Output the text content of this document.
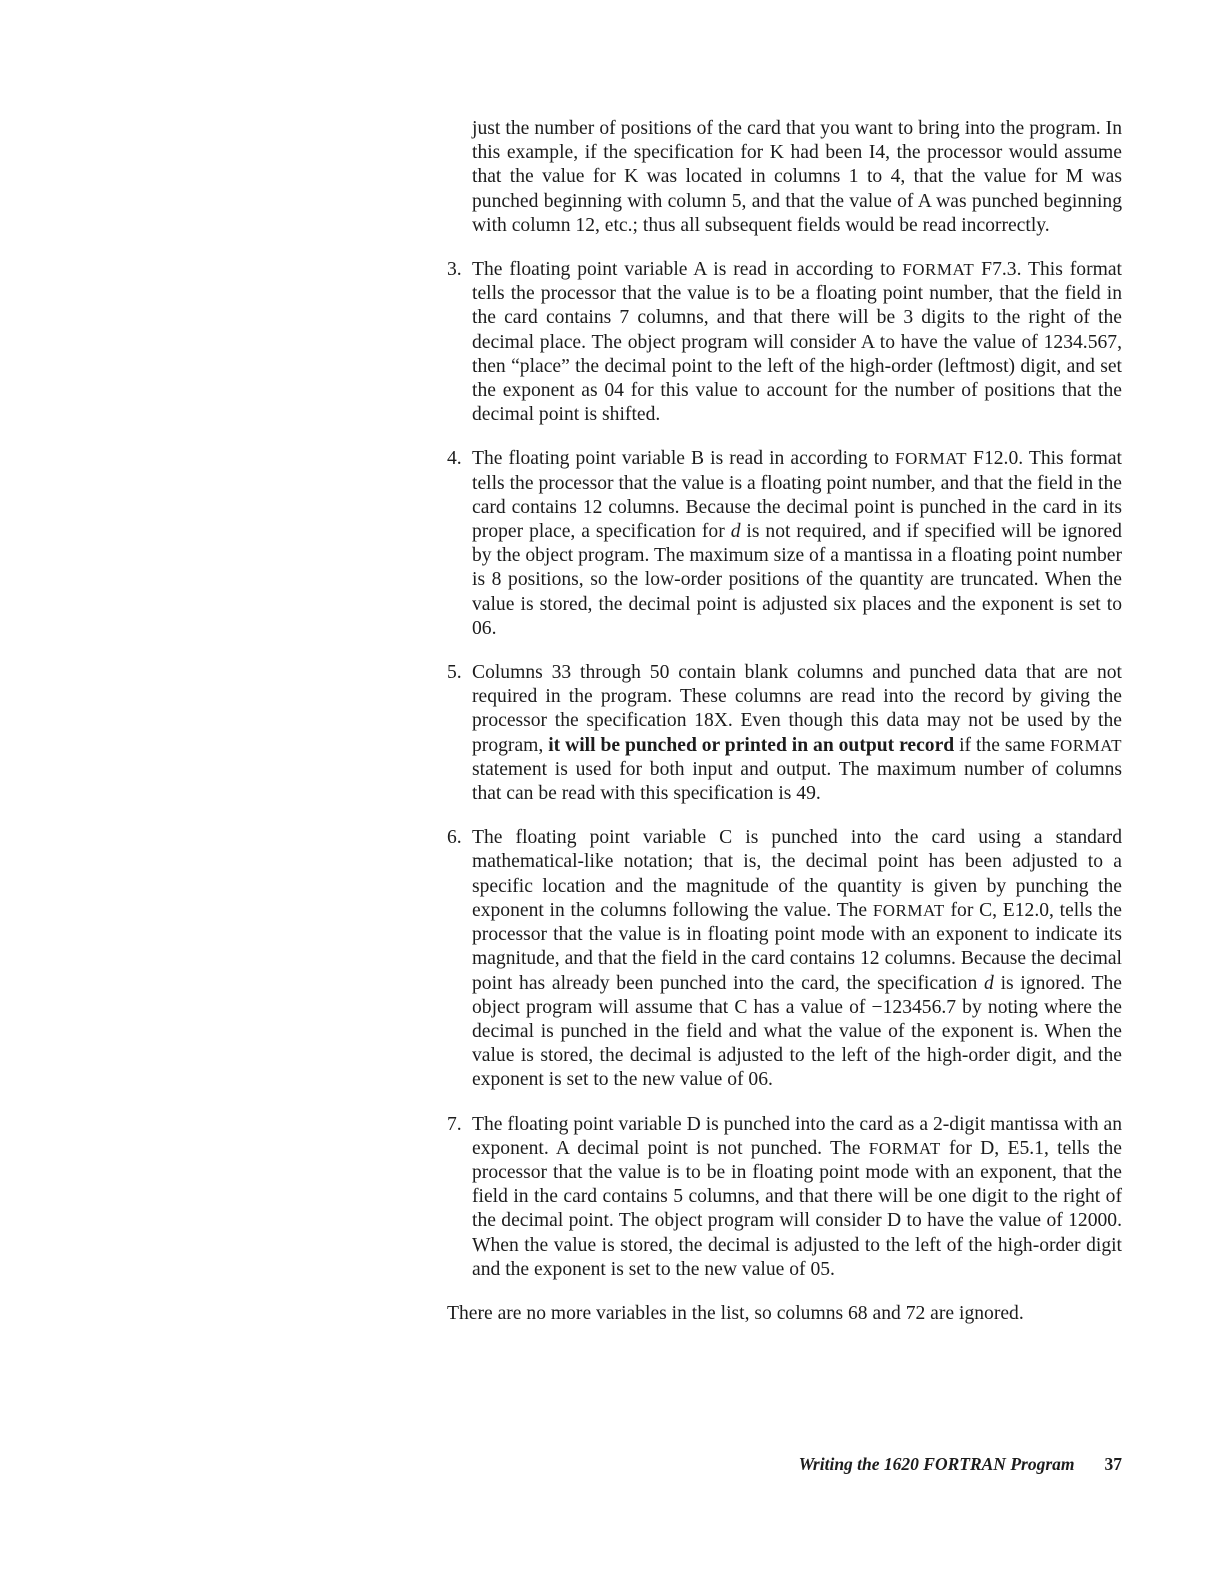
just the number of positions of the card that you want to bring into the program. In this example, if the specification for K had been I4, the processor would assume that the value for K was located in columns 1 to 4, that the value for M was punched beginning with column 5, and that the value of A was punched beginning with column 12, etc.; thus all subsequent fields would be read incorrectly.

3. The floating point variable A is read in according to FORMAT F7.3. This format tells the processor that the value is to be a floating point number, that the field in the card contains 7 columns, and that there will be 3 digits to the right of the decimal place. The object program will consider A to have the value of 1234.567, then “place” the decimal point to the left of the high-order (leftmost) digit, and set the exponent as 04 for this value to account for the number of positions that the decimal point is shifted.

4. The floating point variable B is read in according to FORMAT F12.0. This format tells the processor that the value is a floating point number, and that the field in the card contains 12 columns. Because the decimal point is punched in the card in its proper place, a specification for d is not required, and if specified will be ignored by the object program. The maximum size of a mantissa in a floating point number is 8 positions, so the low-order positions of the quantity are truncated. When the value is stored, the decimal point is adjusted six places and the exponent is set to 06.

5. Columns 33 through 50 contain blank columns and punched data that are not required in the program. These columns are read into the record by giving the processor the specification 18X. Even though this data may not be used by the program, it will be punched or printed in an output record if the same FORMAT statement is used for both input and output. The maximum number of columns that can be read with this specification is 49.

6. The floating point variable C is punched into the card using a standard mathematical-like notation; that is, the decimal point has been adjusted to a specific location and the magnitude of the quantity is given by punching the exponent in the columns following the value. The FORMAT for C, E12.0, tells the processor that the value is in floating point mode with an exponent to indicate its magnitude, and that the field in the card contains 12 columns. Because the decimal point has already been punched into the card, the specification d is ignored. The object program will assume that C has a value of −123456.7 by noting where the decimal is punched in the field and what the value of the exponent is. When the value is stored, the decimal is adjusted to the left of the high-order digit, and the exponent is set to the new value of 06.

7. The floating point variable D is punched into the card as a 2-digit mantissa with an exponent. A decimal point is not punched. The FORMAT for D, E5.1, tells the processor that the value is to be in floating point mode with an exponent, that the field in the card contains 5 columns, and that there will be one digit to the right of the decimal point. The object program will consider D to have the value of 12000. When the value is stored, the decimal is adjusted to the left of the high-order digit and the exponent is set to the new value of 05.

There are no more variables in the list, so columns 68 and 72 are ignored.

Writing the 1620 FORTRAN Program 37
